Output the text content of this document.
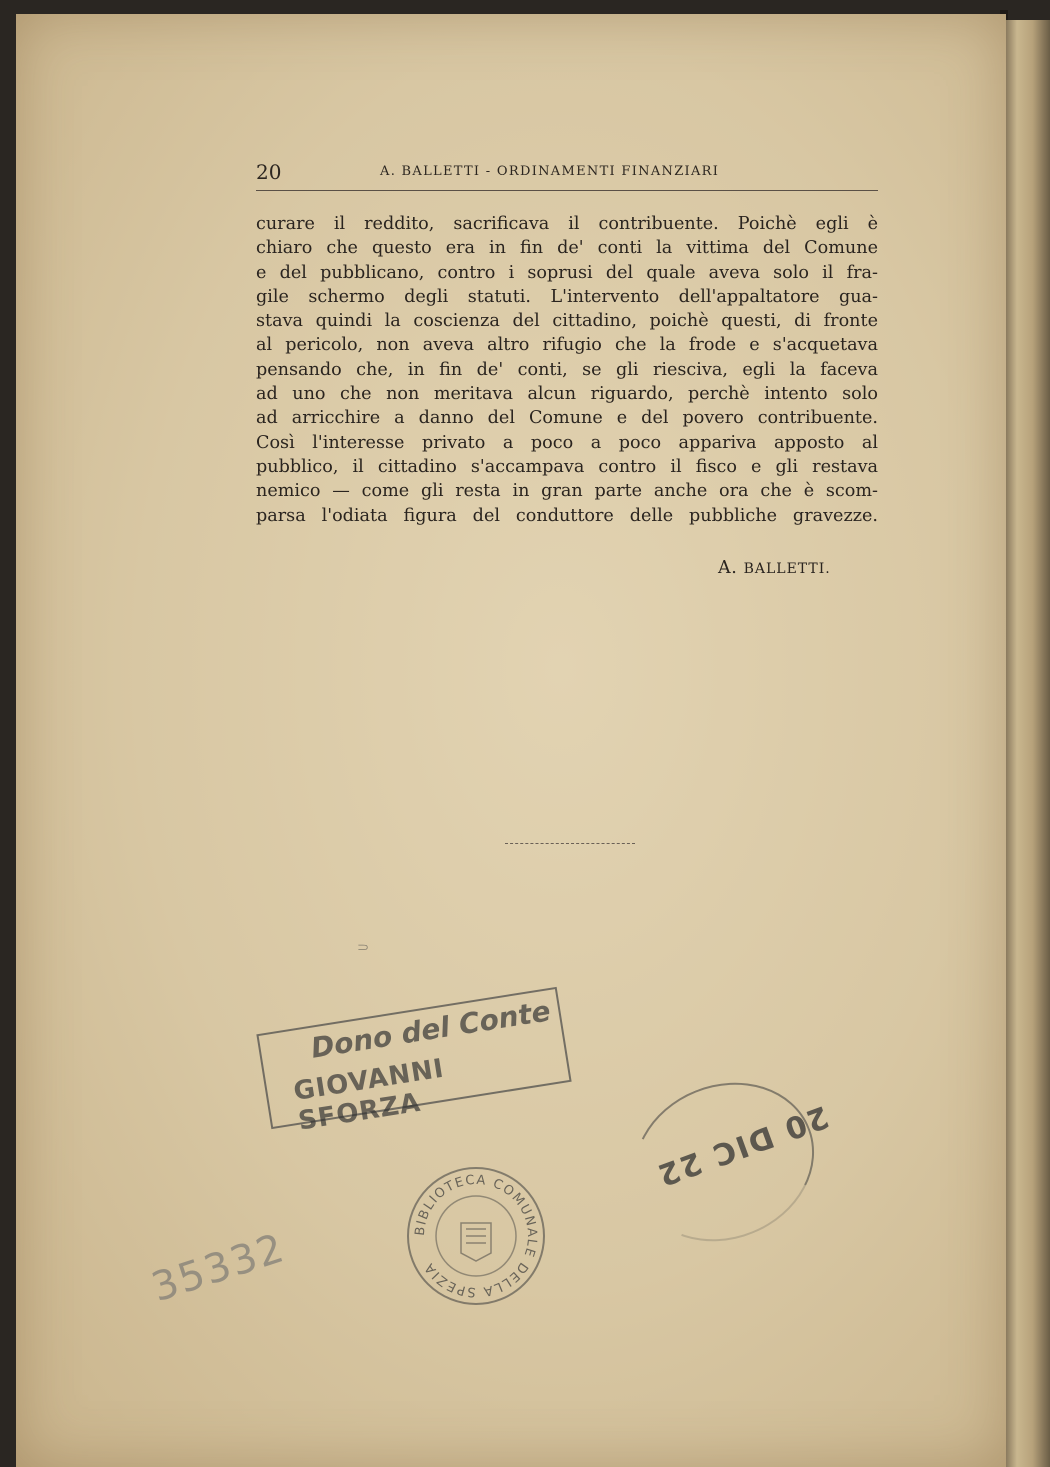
20	A. BALLETTI - ORDINAMENTI FINANZIARI
curare il reddito, sacrificava il contribuente. Poichè egli è
chiaro che questo era in fin de' conti la vittima del Comune
e del pubblicano, contro i soprusi del quale aveva solo il fra-
gile schermo degli statuti. L'intervento dell'appaltatore gua-
stava quindi la coscienza del cittadino, poichè questi, di fronte
al pericolo, non aveva altro rifugio che la frode e s'acquetava
pensando che, in fin de' conti, se gli riesciva, egli la faceva
ad uno che non meritava alcun riguardo, perchè intento solo
ad arricchire a danno del Comune e del povero contribuente.
Così l'interesse privato a poco a poco appariva apposto al
pubblico, il cittadino s'accampava contro il fisco e gli restava
nemico — come gli resta in gran parte anche ora che è scom-
parsa l'odiata figura del conduttore delle pubbliche gravezze.
A. BALLETTI.
⸧
Dono del Conte
GIOVANNI SFORZA	20 DIC 22
BIBLIOTECA COMUNALE DELLA SPEZIA
35332
